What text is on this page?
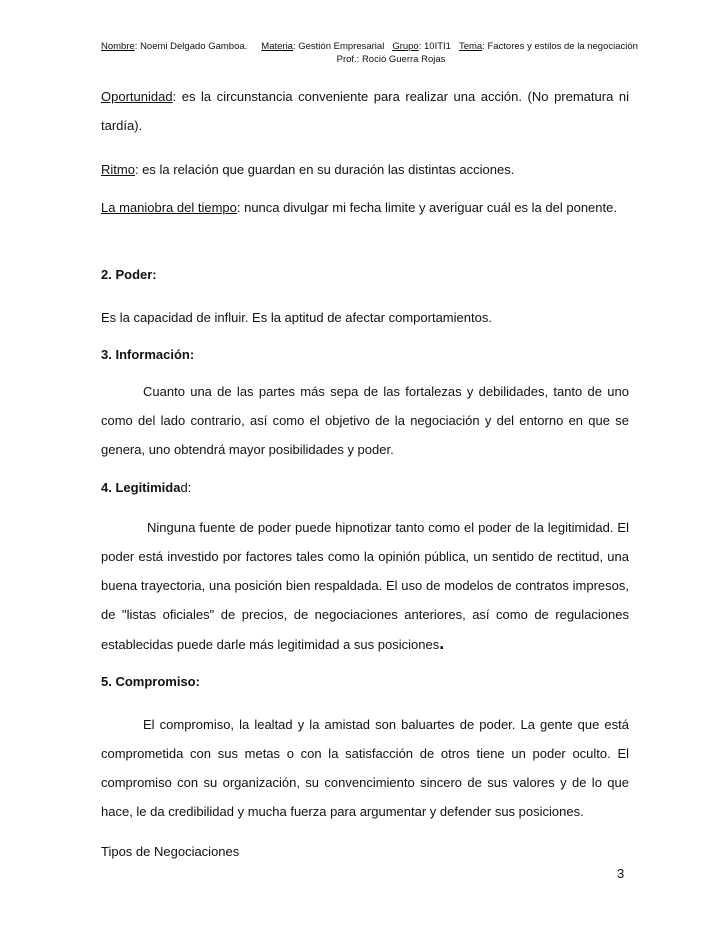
Nombre: Noemi Delgado Gamboa. Materia: Gestión Empresarial Grupo: 10ITI1 Tema: Factores y estilos de la negociación
Prof.: Roció Guerra Rojas

Oportunidad: es la circunstancia conveniente para realizar una acción. (No prematura ni tardía).

Ritmo: es la relación que guardan en su duración las distintas acciones.

La maniobra del tiempo: nunca divulgar mi fecha limite y averiguar cuál es la del ponente.

2. Poder:

Es la capacidad de influir. Es la aptitud de afectar comportamientos.

3. Información:

Cuanto una de las partes más sepa de las fortalezas y debilidades, tanto de uno como del lado contrario, así como el objetivo de la negociación y del entorno en que se genera, uno obtendrá mayor posibilidades y poder.

4. Legitimidad:

Ninguna fuente de poder puede hipnotizar tanto como el poder de la legitimidad. El poder está investido por factores tales como la opinión pública, un sentido de rectitud, una buena trayectoria, una posición bien respaldada. El uso de modelos de contratos impresos, de "listas oficiales" de precios, de negociaciones anteriores, así como de regulaciones establecidas puede darle más legitimidad a sus posiciones.

5. Compromiso:

El compromiso, la lealtad y la amistad son baluartes de poder. La gente que está comprometida con sus metas o con la satisfacción de otros tiene un poder oculto. El compromiso con su organización, su convencimiento sincero de sus valores y de lo que hace, le da credibilidad y mucha fuerza para argumentar y defender sus posiciones.

Tipos de Negociaciones

3
